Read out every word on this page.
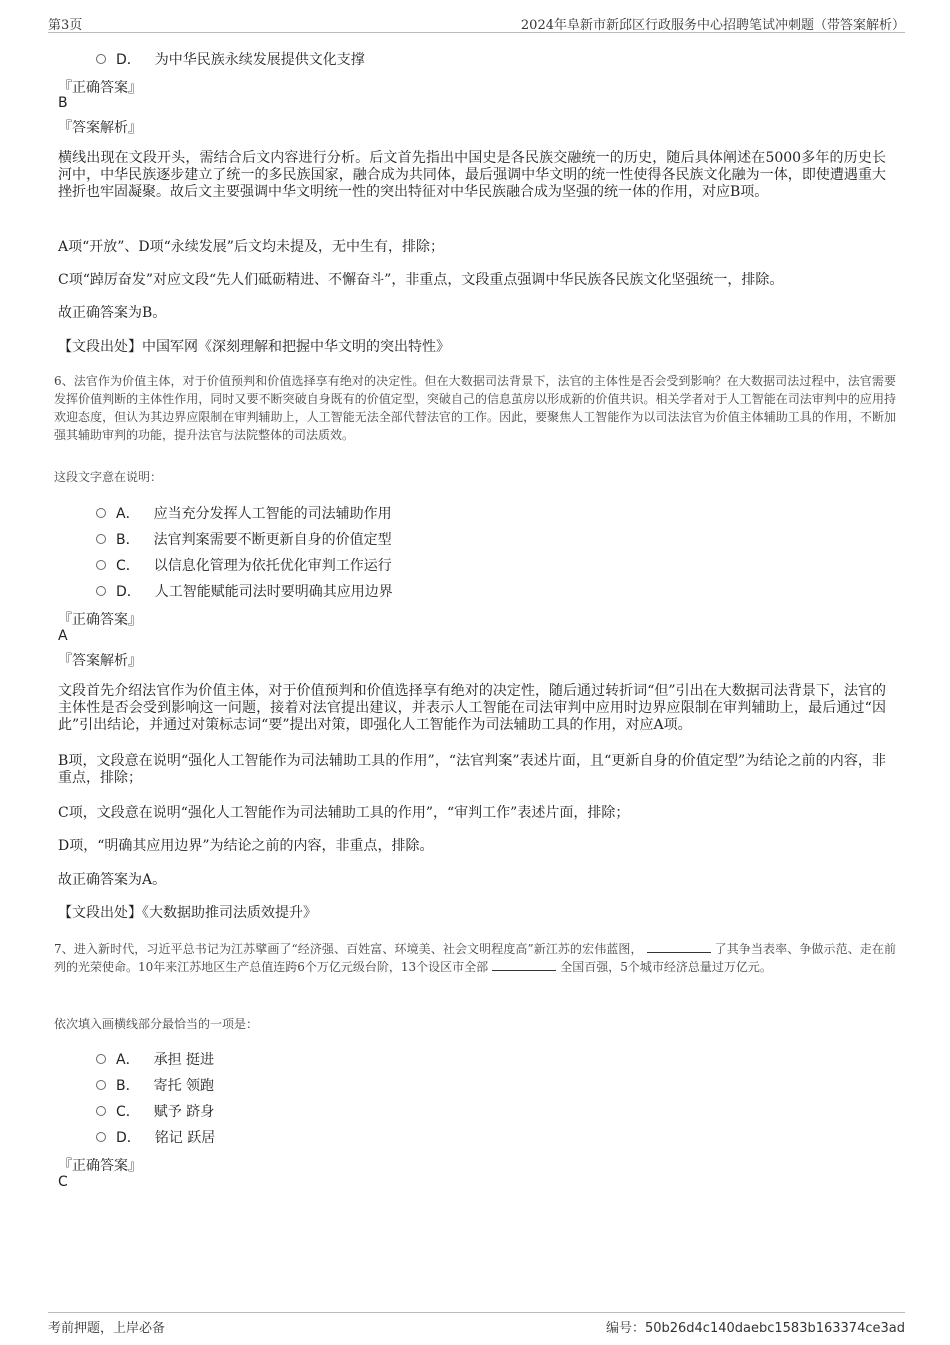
第3页	2024年阜新市新邱区行政服务中心招聘笔试冲刺题（带答案解析）
D． 为中华民族永续发展提供文化支撑
『正确答案』
B
『答案解析』
横线出现在文段开头，需结合后文内容进行分析。后文首先指出中国史是各民族交融统一的历史，随后具体阐述在5000多年的历史长河中，中华民族逐步建立了统一的多民族国家，融合成为共同体，最后强调中华文明的统一性使得各民族文化融为一体，即使遭遇重大挫折也牢固凝聚。故后文主要强调中华文明统一性的突出特征对中华民族融合成为坚强的统一体的作用，对应B项。
A项“开放”、D项“永续发展”后文均未提及，无中生有，排除；
C项“踔厉奋发”对应文段“先人们砥砺精进、不懈奋斗”，非重点，文段重点强调中华民族各民族文化坚强统一，排除。
故正确答案为B。
【文段出处】中国军网《深刻理解和把握中华文明的突出特性》
6、法官作为价值主体，对于价值预判和价值选择享有绝对的决定性。但在大数据司法背景下，法官的主体性是否会受到影响？在大数据司法过程中，法官需要发挥价值判断的主体性作用，同时又要不断突破自身既有的价值定型，突破自己的信息茧房以形成新的价值共识。相关学者对于人工智能在司法审判中的应用持欢迎态度，但认为其边界应限制在审判辅助上，人工智能无法全部代替法官的工作。因此，要聚焦人工智能作为以司法法官为价值主体辅助工具的作用，不断加强其辅助审判的功能，提升法官与法院整体的司法质效。
这段文字意在说明：
A． 应当充分发挥人工智能的司法辅助作用
B． 法官判案需要不断更新自身的价值定型
C． 以信息化管理为依托优化审判工作运行
D． 人工智能赋能司法时要明确其应用边界
『正确答案』
A
『答案解析』
文段首先介绍法官作为价值主体，对于价值预判和价值选择享有绝对的决定性，随后通过转折词“但”引出在大数据司法背景下，法官的主体性是否会受到影响这一问题，接着对法官提出建议，并表示人工智能在司法审判中应用时边界应限制在审判辅助上，最后通过“因此”引出结论，并通过对策标志词“要”提出对策，即强化人工智能作为司法辅助工具的作用，对应A项。
B项，文段意在说明“强化人工智能作为司法辅助工具的作用”，“法官判案”表述片面，且“更新自身的价值定型”为结论之前的内容，非重点，排除；
C项，文段意在说明“强化人工智能作为司法辅助工具的作用”，“审判工作”表述片面，排除；
D项，“明确其应用边界”为结论之前的内容，非重点，排除。
故正确答案为A。
【文段出处】《大数据助推司法质效提升》
7、进入新时代，习近平总书记为江苏擘画了“经济强、百姓富、环境美、社会文明程度高”新江苏的宏伟蓝图，	了其争当表率、争做示范、走在前列的光荣使命。10年来江苏地区生产总值连跨6个万亿元级台阶，13个设区市全部	全国百强，5个城市经济总量过万亿元。
依次填入画横线部分最恰当的一项是：
A． 承担 挺进
B． 寄托 领跑
C． 赋予 跻身
D． 铭记 跃居
『正确答案』
C
考前押题，上岸必备	编号：50b26d4c140daebc1583b163374ce3ad
